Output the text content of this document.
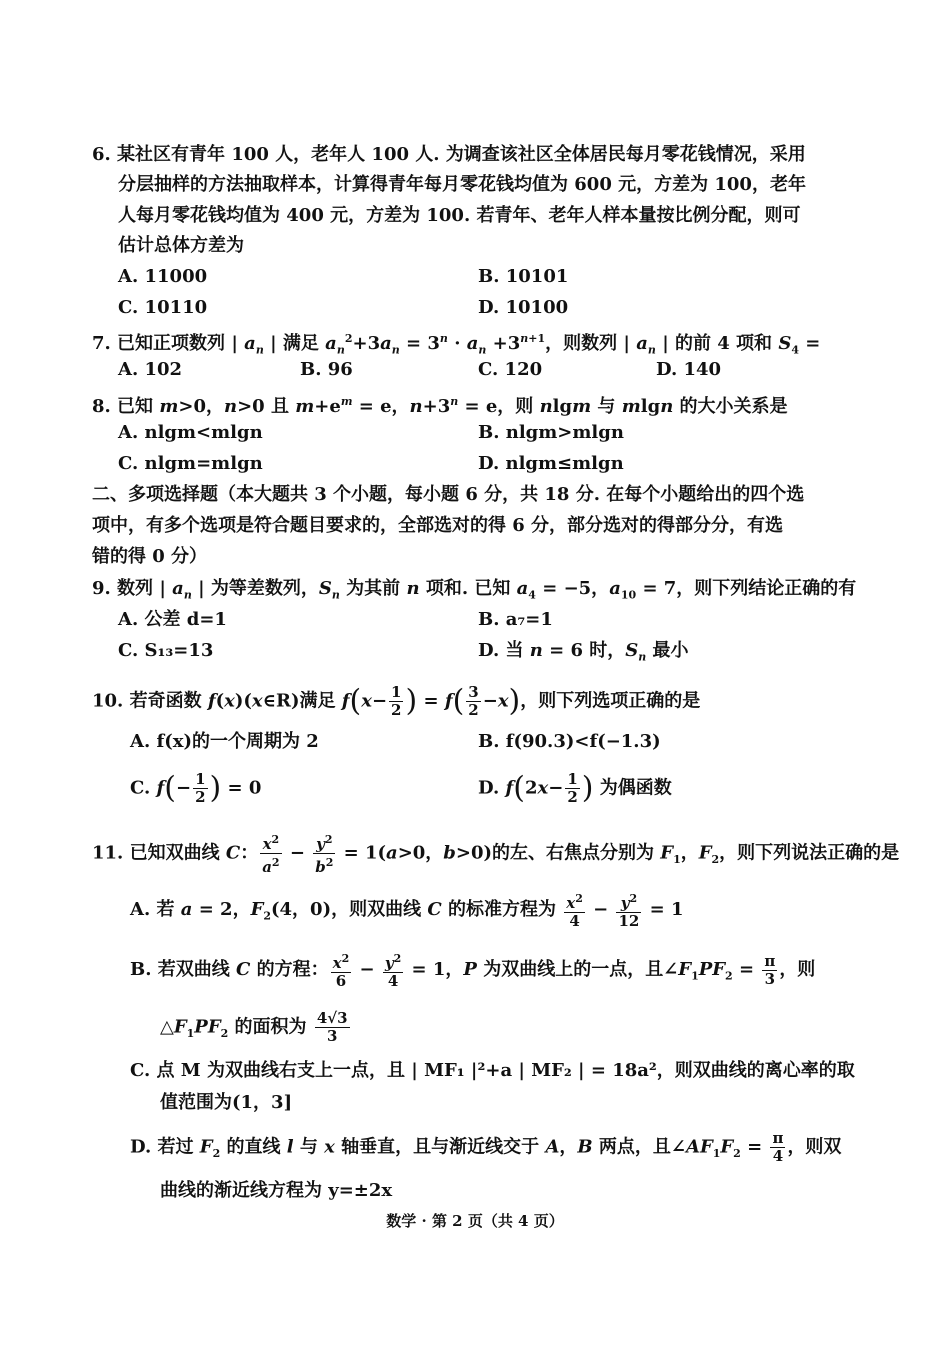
6. 某社区有青年 100 人，老年人 100 人. 为调查该社区全体居民每月零花钱情况，采用
分层抽样的方法抽取样本，计算得青年每月零花钱均值为 600 元，方差为 100，老年
人每月零花钱均值为 400 元，方差为 100. 若青年、老年人样本量按比例分配，则可
估计总体方差为
A. 11000	B. 10101
C. 10110	D. 10100
7. 已知正项数列 | $a_n$ | 满足 $a_n^2+3a_n = 3^n \cdot a_n +3^{n+1}$，则数列 | $a_n$ | 的前 4 项和 $S_4$ =
A. 102	B. 96	C. 120	D. 140
8. 已知 m>0，n>0 且 $m+e^m = e$，$n+3^n = e$，则 nlgm 与 mlgn 的大小关系是
A. nlgm<mlgn	B. nlgm>mlgn
C. nlgm=mlgn	D. nlgm≤mlgn
二、多项选择题（本大题共 3 个小题，每小题 6 分，共 18 分. 在每个小题给出的四个选
项中，有多个选项是符合题目要求的，全部选对的得 6 分，部分选对的得部分分，有选
错的得 0 分）
9. 数列 | $a_n$ | 为等差数列，$S_n$ 为其前 n 项和. 已知 $a_4 = -5$，$a_{10} = 7$，则下列结论正确的有
A. 公差 d=1	B. a₇=1
C. S₁₃=13	D. 当 n = 6 时，$S_n$ 最小
10. 若奇函数 f(x)(x∈R)满足 $f(x- \frac{1}{2}$ ) = $f( \frac{3}{2} -x)$，则下列选项正确的是
A. f(x)的一个周期为 2	B. f(90.3)<f(−1.3)
C. $f(- \frac{1}{2}$ ) = 0	D. $f(2x- \frac{1}{2}$ ) 为偶函数
11. 已知双曲线 C： $\frac{x^2}{a^2} - \frac{y^2}{b^2} = 1(a>0$，b>0)的左、右焦点分别为 $F_1$，$F_2$，则下列说法正确的是
A. 若 a = 2，$F_2(4$，0)，则双曲线 C 的标准方程为 $\frac{x^2}{4} - \frac{y^2}{12} = 1$
B. 若双曲线 C 的方程： $\frac{x^2}{6} - \frac{y^2}{4} = 1$，P 为双曲线上的一点，且$\angle F_1PF_2 = \frac{\pi}{3}$ ，则
$\triangle F_1PF_2$ 的面积为 $\frac{4√3}{3}$
C. 点 M 为双曲线右支上一点，且 | MF₁ |²+a | MF₂ | = 18a²，则双曲线的离心率的取
值范围为(1，3]
D. 若过 $F_2$ 的直线 l 与 x 轴垂直，且与渐近线交于 A，B 两点，且$\angle AF_1F_2 = \frac{\pi}{4}$ ，则双
曲线的渐近线方程为 y=±2x
数学 · 第 2 页（共 4 页）
